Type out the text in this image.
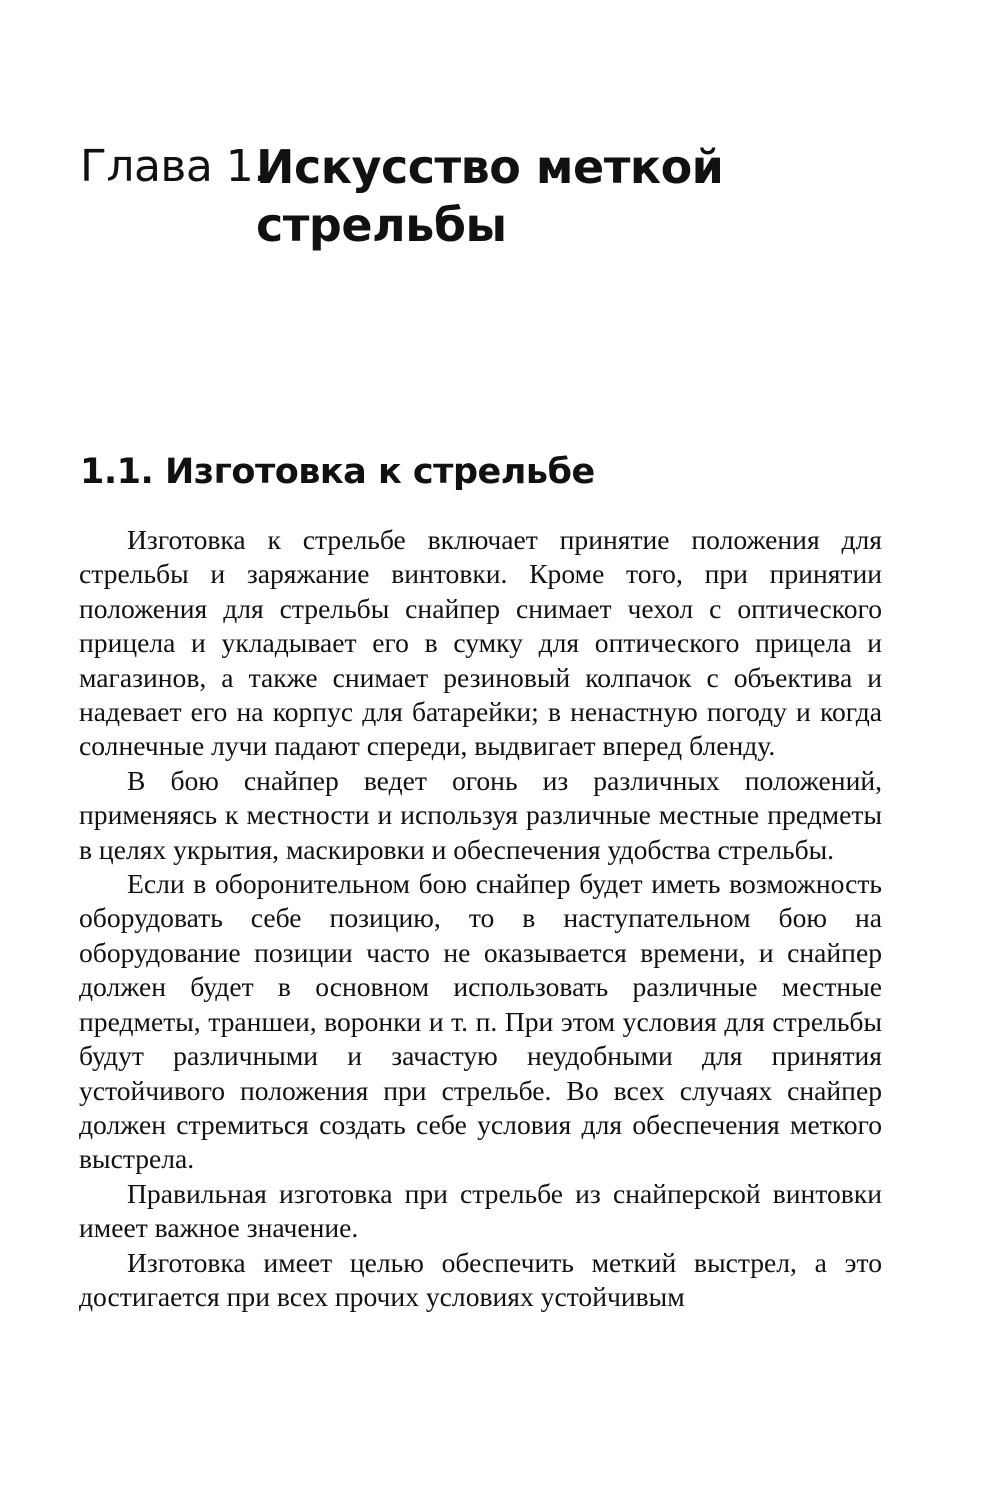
Глава 1.
Искусство меткой стрельбы
1.1. Изготовка к стрельбе

Изготовка к стрельбе включает принятие положения для стрельбы и заряжание винтовки. Кроме того, при принятии положения для стрельбы снайпер снимает чехол с оптического прицела и укладывает его в сумку для оптического прицела и магазинов, а также снимает резиновый колпачок с объектива и надевает его на корпус для батарейки; в ненастную погоду и когда солнечные лучи падают спереди, выдвигает вперед бленду.

В бою снайпер ведет огонь из различных положений, применяясь к местности и используя различные местные предметы в целях укрытия, маскировки и обеспечения удобства стрельбы.

Если в оборонительном бою снайпер будет иметь возможность оборудовать себе позицию, то в наступательном бою на оборудование позиции часто не оказывается времени, и снайпер должен будет в основном использовать различные местные предметы, траншеи, воронки и т. п. При этом условия для стрельбы будут различными и зачастую неудобными для принятия устойчивого положения при стрельбе. Во всех случаях снайпер должен стремиться создать себе условия для обеспечения меткого выстрела.

Правильная изготовка при стрельбе из снайперской винтовки имеет важное значение.

Изготовка имеет целью обеспечить меткий выстрел, а это достигается при всех прочих условиях устойчивым
